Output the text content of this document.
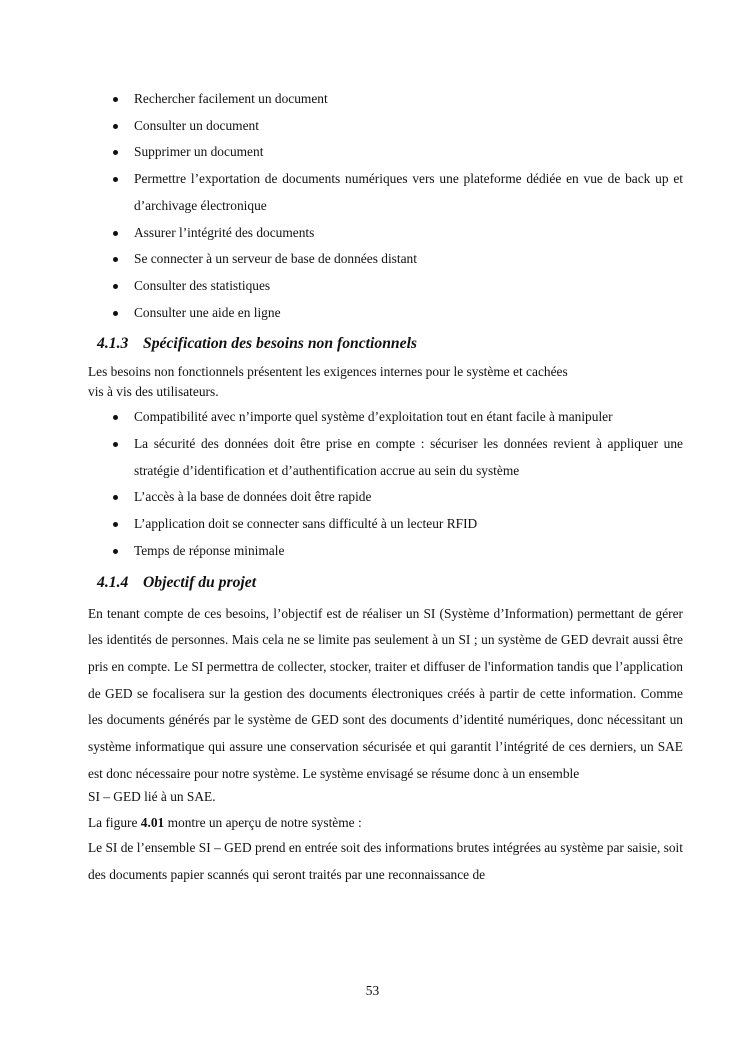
Rechercher facilement un document
Consulter un document
Supprimer un document
Permettre l’exportation de documents numériques vers une plateforme dédiée en vue de back up et d’archivage électronique
Assurer l’intégrité des documents
Se connecter à un serveur de base de données distant
Consulter des statistiques
Consulter une aide en ligne
4.1.3 Spécification des besoins non fonctionnels

Les besoins non fonctionnels présentent les exigences internes pour le système et cachées
vis à vis des utilisateurs.

Compatibilité avec n’importe quel système d’exploitation tout en étant facile à manipuler
La sécurité des données doit être prise en compte : sécuriser les données revient à appliquer une stratégie d’identification et d’authentification accrue au sein du système
L’accès à la base de données doit être rapide
L’application doit se connecter sans difficulté à un lecteur RFID
Temps de réponse minimale
4.1.4 Objectif du projet

En tenant compte de ces besoins, l’objectif est de réaliser un SI (Système d’Information) permettant de gérer les identités de personnes. Mais cela ne se limite pas seulement à un SI ; un système de GED devrait aussi être pris en compte. Le SI permettra de collecter, stocker, traiter et diffuser de l'information tandis que l’application de GED se focalisera sur la gestion des documents électroniques créés à partir de cette information. Comme les documents générés par le système de GED sont des documents d’identité numériques, donc nécessitant un système informatique qui assure une conservation sécurisée et qui garantit l’intégrité de ces derniers, un SAE est donc nécessaire pour notre système. Le système envisagé se résume donc à un ensemble

SI – GED lié à un SAE.

La figure 4.01 montre un aperçu de notre système :

Le SI de l’ensemble SI – GED prend en entrée soit des informations brutes intégrées au système par saisie, soit des documents papier scannés qui seront traités par une reconnaissance de

53
